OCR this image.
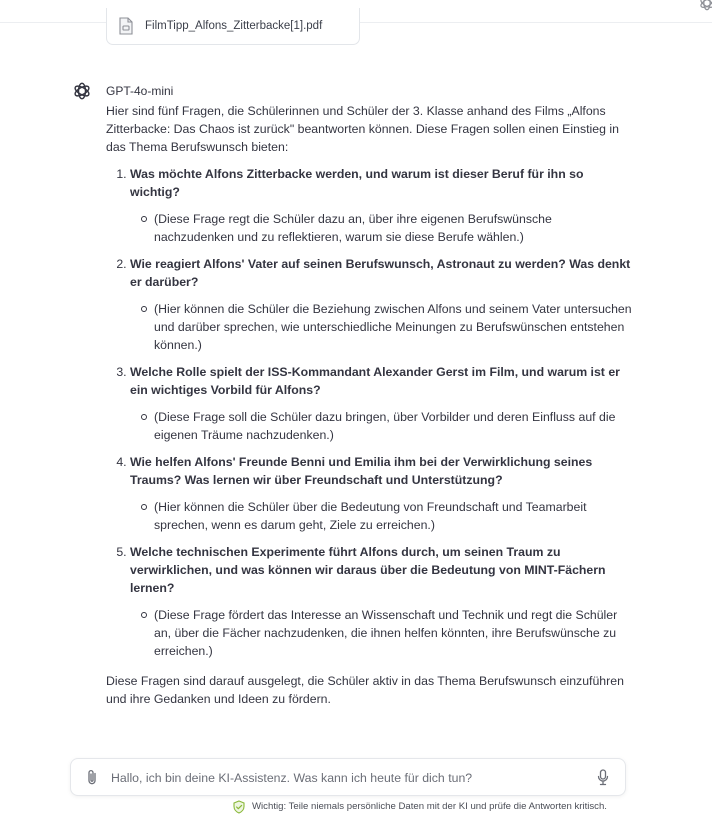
FilmTipp_Alfons_Zitterbacke[1].pdf
GPT-4o-mini

Hier sind fünf Fragen, die Schülerinnen und Schüler der 3. Klasse anhand des Films „Alfons Zitterbacke: Das Chaos ist zurück" beantworten können. Diese Fragen sollen einen Einstieg in das Thema Berufswunsch bieten:

1. Was möchte Alfons Zitterbacke werden, und warum ist dieser Beruf für ihn so wichtig?
(Diese Frage regt die Schüler dazu an, über ihre eigenen Berufswünsche nachzudenken und zu reflektieren, warum sie diese Berufe wählen.)
2. Wie reagiert Alfons' Vater auf seinen Berufswunsch, Astronaut zu werden? Was denkt er darüber?
(Hier können die Schüler die Beziehung zwischen Alfons und seinem Vater untersuchen und darüber sprechen, wie unterschiedliche Meinungen zu Berufswünschen entstehen können.)
3. Welche Rolle spielt der ISS-Kommandant Alexander Gerst im Film, und warum ist er ein wichtiges Vorbild für Alfons?
(Diese Frage soll die Schüler dazu bringen, über Vorbilder und deren Einfluss auf die eigenen Träume nachzudenken.)
4. Wie helfen Alfons' Freunde Benni und Emilia ihm bei der Verwirklichung seines Traums? Was lernen wir über Freundschaft und Unterstützung?
(Hier können die Schüler über die Bedeutung von Freundschaft und Teamarbeit sprechen, wenn es darum geht, Ziele zu erreichen.)
5. Welche technischen Experimente führt Alfons durch, um seinen Traum zu verwirklichen, und was können wir daraus über die Bedeutung von MINT-Fächern lernen?
(Diese Frage fördert das Interesse an Wissenschaft und Technik und regt die Schüler an, über die Fächer nachzudenken, die ihnen helfen könnten, ihre Berufswünsche zu erreichen.)

Diese Fragen sind darauf ausgelegt, die Schüler aktiv in das Thema Berufswunsch einzuführen und ihre Gedanken und Ideen zu fördern.

Hallo, ich bin deine KI-Assistenz. Was kann ich heute für dich tun?
Wichtig: Teile niemals persönliche Daten mit der KI und prüfe die Antworten kritisch.
